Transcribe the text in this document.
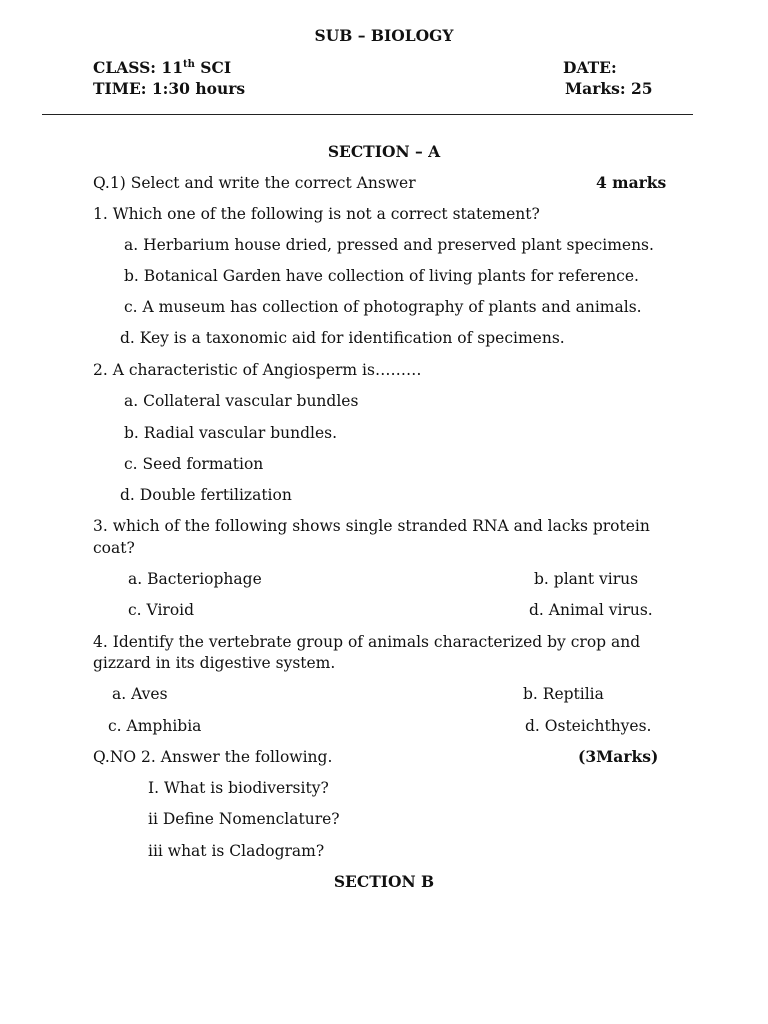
SUB – BIOLOGY
CLASS: 11th SCI	DATE:
TIME: 1:30 hours	Marks: 25
SECTION – A
Q.1) Select and write the correct Answer	4 marks
1. Which one of the following is not a correct statement?
a. Herbarium house dried, pressed and preserved plant specimens.
b. Botanical Garden have collection of living plants for reference.
c. A museum has collection of photography of plants and animals.
d. Key is a taxonomic aid for identification of specimens.
2. A characteristic of Angiosperm is………
a. Collateral vascular bundles
b. Radial vascular bundles.
c. Seed formation
d. Double fertilization
3. which of the following shows single stranded RNA and lacks protein
coat?
a. Bacteriophage	b. plant virus
c. Viroid	d. Animal virus.
4. Identify the vertebrate group of animals characterized by crop and
gizzard in its digestive system.
a. Aves	b. Reptilia
c. Amphibia	d. Osteichthyes.
Q.NO 2. Answer the following.	(3Marks)
I. What is biodiversity?
ii Define Nomenclature?
iii what is Cladogram?
SECTION B
